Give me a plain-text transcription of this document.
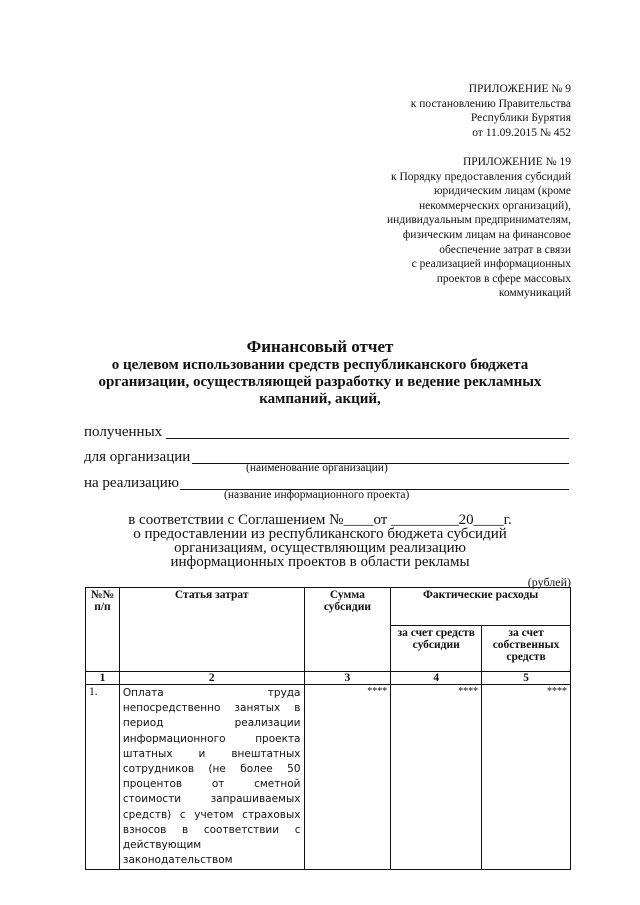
ПРИЛОЖЕНИЕ № 9
к постановлению Правительства
Республики Бурятия
от 11.09.2015 № 452
ПРИЛОЖЕНИЕ № 19
к Порядку предоставления субсидий
юридическим лицам (кроме
некоммерческих организаций),
индивидуальным предпринимателям,
физическим лицам на финансовое
обеспечение затрат в связи
с реализацией информационных
проектов в сфере массовых
коммуникаций
Финансовый отчет
о целевом использовании средств республиканского бюджета
организации, осуществляющей разработку и ведение рекламных
кампаний, акций,
полученных
для организации
(наименование организации)
на реализацию
(название информационного проекта)
в соответствии с Соглашением №____от _________20____г.
о предоставлении из республиканского бюджета субсидий
организациям, осуществляющим реализацию
информационных проектов в области рекламы
(рублей)
№№ п/п	Статья затрат	Сумма субсидии	Фактические расходы	
			за счет средств субсидии	за счет собственных средств
1	2	3	4	5
1.	Оплата труда непосредственно занятых в период реализации информационного проекта штатных и внештатных сотрудников (не более 50 процентов от сметной стоимости запрашиваемых средств) с учетом страховых взносов в соответствии с действующим законодательством	****	****	****
